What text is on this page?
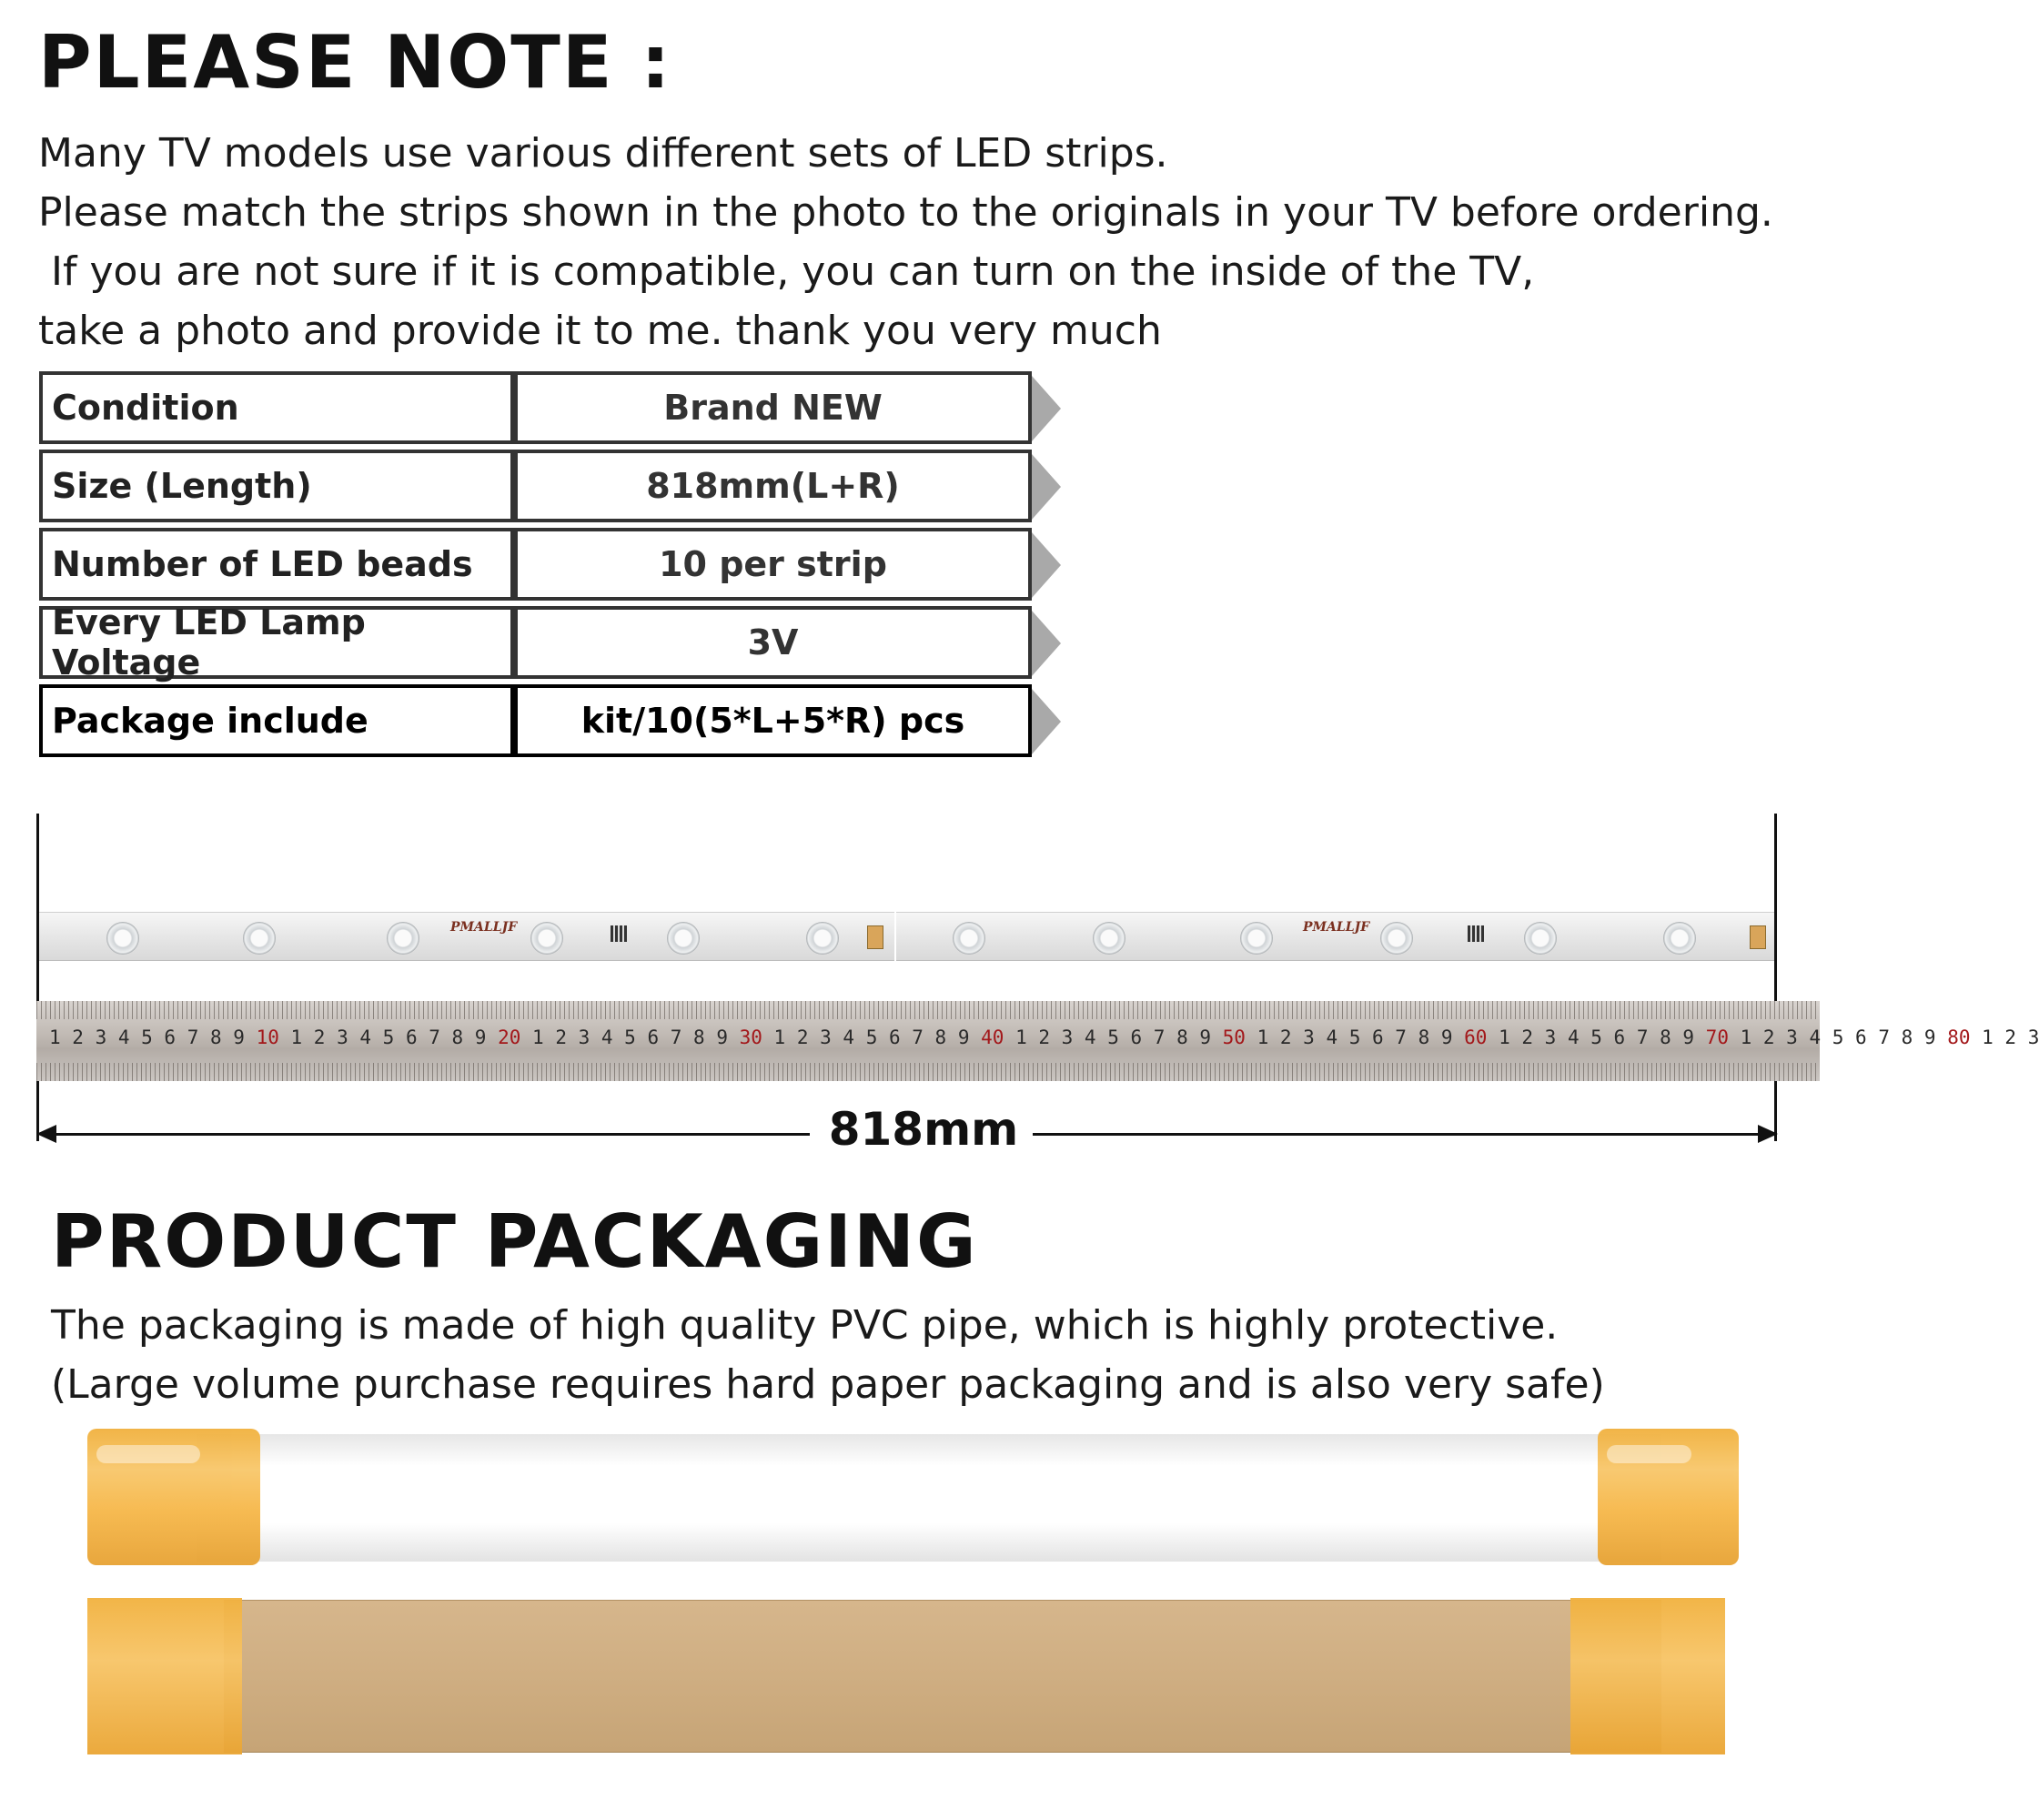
PLEASE NOTE :
Many TV models use various different sets of LED strips.
Please match the strips shown in the photo to the originals in your TV before ordering.
If you are not sure if it is compatible, you can turn on the inside of the TV,
take a photo and provide it to me. thank you very much
Condition	Brand NEW
Size (Length)	818mm(L+R)
Number of LED beads	10 per strip
Every LED Lamp Voltage	3V
Package include	kit/10(5*L+5*R) pcs
PMALLJF	PMALLJF
1 2 3 4 5 6 7 8 9 10 1 2 3 4 5 6 7 8 9 20 1 2 3 4 5 6 7 8 9 30 1 2 3 4 5 6 7 8 9 40 1 2 3 4 5 6 7 8 9 50 1 2 3 4 5 6 7 8 9 60 1 2 3 4 5 6 7 8 9 70 1 2 3 4 5 6 7 8 9 80 1 2 3
818mm
PRODUCT PACKAGING
The packaging is made of high quality PVC pipe, which is highly protective.
(Large volume purchase requires hard paper packaging and is also very safe)
